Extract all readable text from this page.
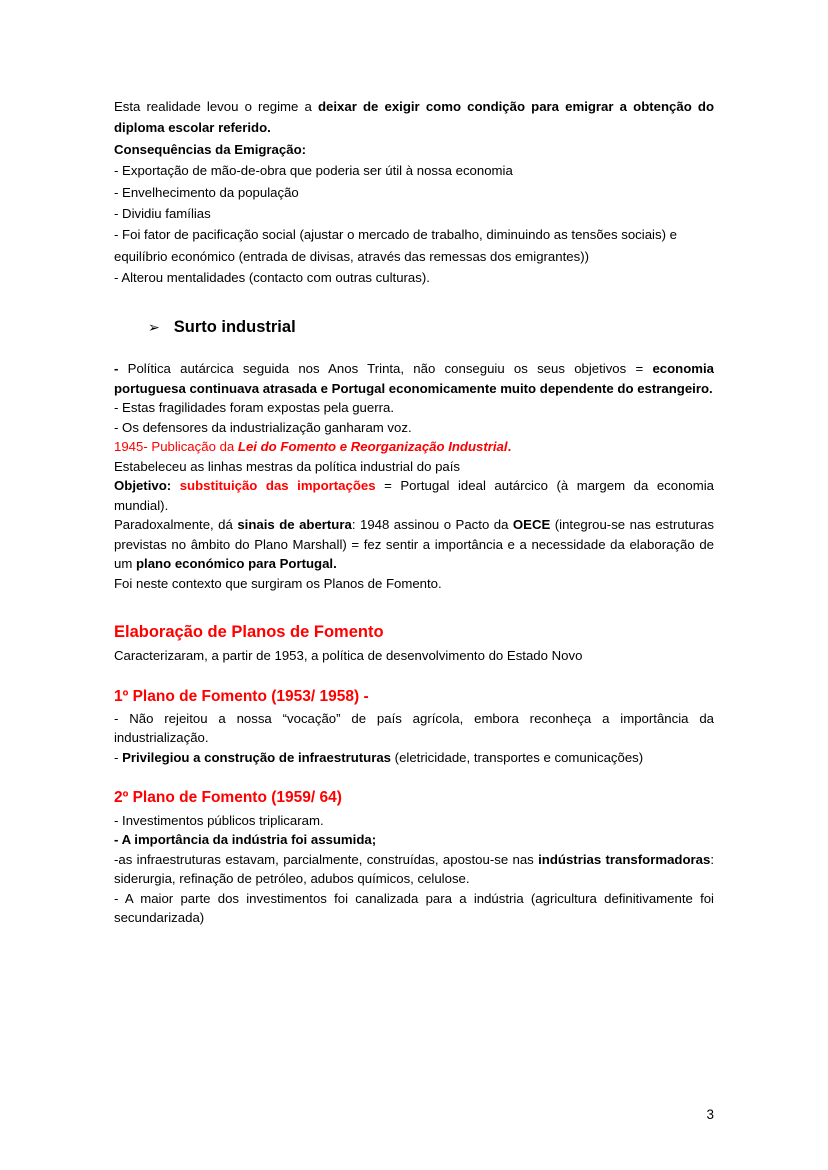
Esta realidade levou o regime a deixar de exigir como condição para emigrar a obtenção do diploma escolar referido.

Consequências da Emigração:

- Exportação de mão-de-obra que poderia ser útil à nossa economia

- Envelhecimento da população

- Dividiu famílias

- Foi fator de pacificação social (ajustar o mercado de trabalho, diminuindo as tensões sociais) e

equilíbrio económico (entrada de divisas, através das remessas dos emigrantes))

- Alterou mentalidades (contacto com outras culturas).

➢ Surto industrial

- Política autárcica seguida nos Anos Trinta, não conseguiu os seus objetivos = economia portuguesa continuava atrasada e Portugal economicamente muito dependente do estrangeiro.

- Estas fragilidades foram expostas pela guerra.

- Os defensores da industrialização ganharam voz.

1945- Publicação da Lei do Fomento e Reorganização Industrial.

Estabeleceu as linhas mestras da política industrial do país

Objetivo: substituição das importações = Portugal ideal autárcico (à margem da economia mundial).

Paradoxalmente, dá sinais de abertura: 1948 assinou o Pacto da OECE (integrou-se nas estruturas previstas no âmbito do Plano Marshall) = fez sentir a importância e a necessidade da elaboração de um plano económico para Portugal.

Foi neste contexto que surgiram os Planos de Fomento.

Elaboração de Planos de Fomento

Caracterizaram, a partir de 1953, a política de desenvolvimento do Estado Novo

1º Plano de Fomento (1953/ 1958) -

- Não rejeitou a nossa “vocação” de país agrícola, embora reconheça a importância da industrialização.

- Privilegiou a construção de infraestruturas (eletricidade, transportes e comunicações)

2º Plano de Fomento (1959/ 64)

- Investimentos públicos triplicaram.

- A importância da indústria foi assumida;

-as infraestruturas estavam, parcialmente, construídas, apostou-se nas indústrias transformadoras: siderurgia, refinação de petróleo, adubos químicos, celulose.

- A maior parte dos investimentos foi canalizada para a indústria (agricultura definitivamente foi secundarizada)

3
